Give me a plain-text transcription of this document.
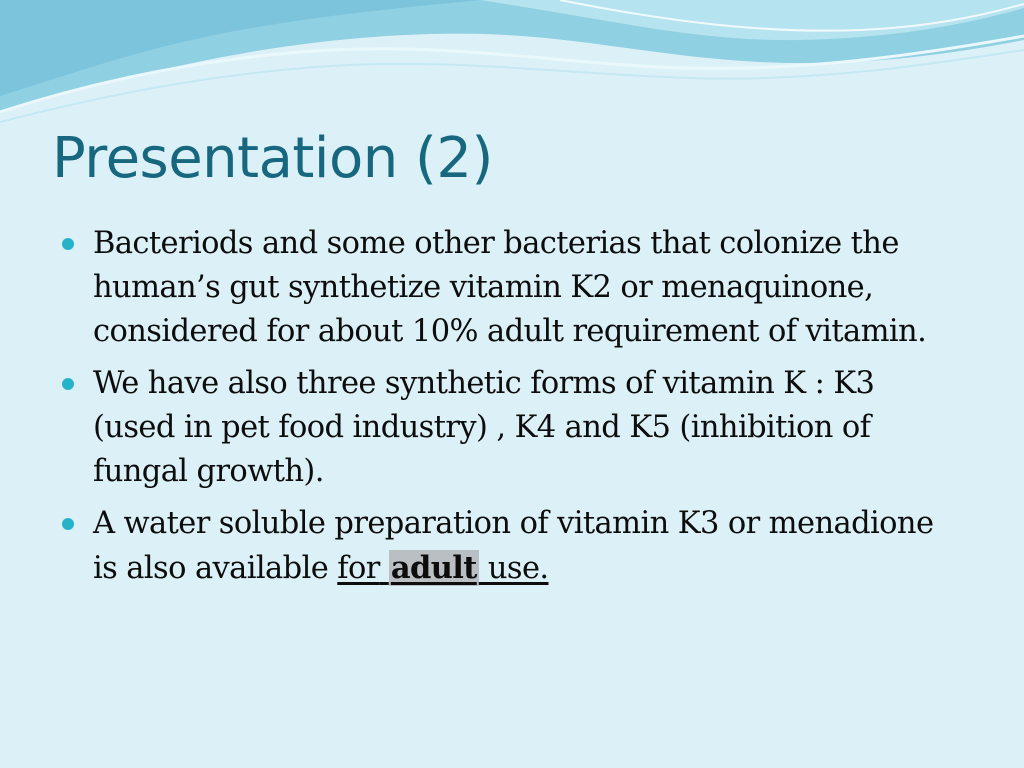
Presentation (2)
Bacteriods and some other bacterias that colonize the human’s gut synthetize vitamin K2 or menaquinone, considered for about 10% adult requirement of vitamin.
We have also three synthetic forms of vitamin K : K3 (used in pet food industry) , K4 and K5 (inhibition of fungal growth).
A water soluble preparation of vitamin K3 or menadione is also available for adult use.
